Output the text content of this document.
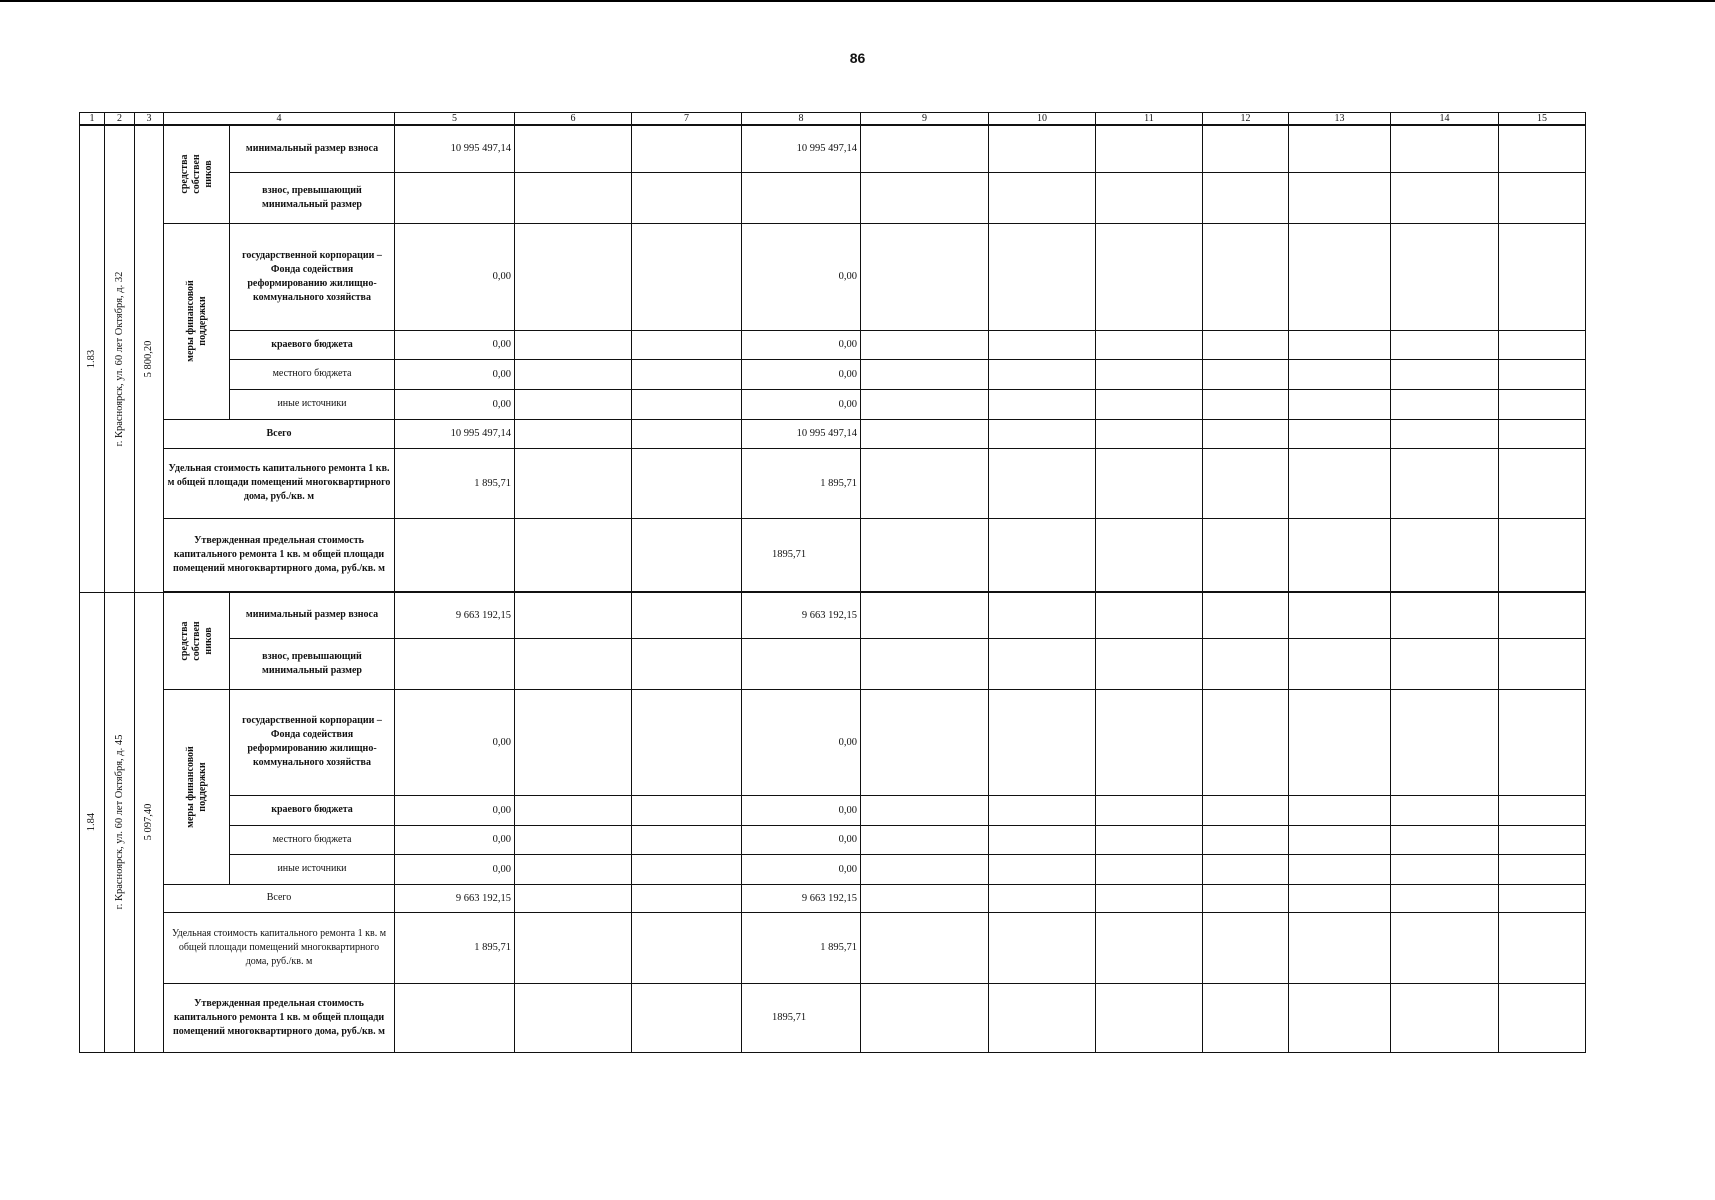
86
1	2	3	4		5	6	7	8	9	10	11	12	13	14	15

1.83	г. Красноярск, ул. 60 лет Октября, д. 32	5 800,20	средства собствен ников	минимальный размер взноса	10 995 497,14			10 995 497,14							
				взнос, превышающий минимальный размер											

			меры финансовой поддержки	государственной корпорации – Фонда содействия реформированию жилищно-коммунального хозяйства	0,00			0,00							
				краевого бюджета	0,00			0,00							
				местного бюджета	0,00			0,00							
				иные источники	0,00			0,00							
			Всего		10 995 497,14			10 995 497,14							
			Удельная стоимость капитального ремонта 1 кв. м общей площади помещений многоквартирного дома, руб./кв. м		1 895,71			1 895,71							
			Утвержденная предельная стоимость капитального ремонта 1 кв. м общей площади помещений многоквартирного дома, руб./кв. м					1895,71							

1.84	г. Красноярск, ул. 60 лет Октября, д. 45	5 097,40	средства собствен ников	минимальный размер взноса	9 663 192,15			9 663 192,15							
				взнос, превышающий минимальный размер											

			меры финансовой поддержки	государственной корпорации – Фонда содействия реформированию жилищно-коммунального хозяйства	0,00			0,00							
				краевого бюджета	0,00			0,00							
				местного бюджета	0,00			0,00							
				иные источники	0,00			0,00							
			Всего		9 663 192,15			9 663 192,15							
			Удельная стоимость капитального ремонта 1 кв. м общей площади помещений многоквартирного дома, руб./кв. м		1 895,71			1 895,71							
			Утвержденная предельная стоимость капитального ремонта 1 кв. м общей площади помещений многоквартирного дома, руб./кв. м					1895,71							
